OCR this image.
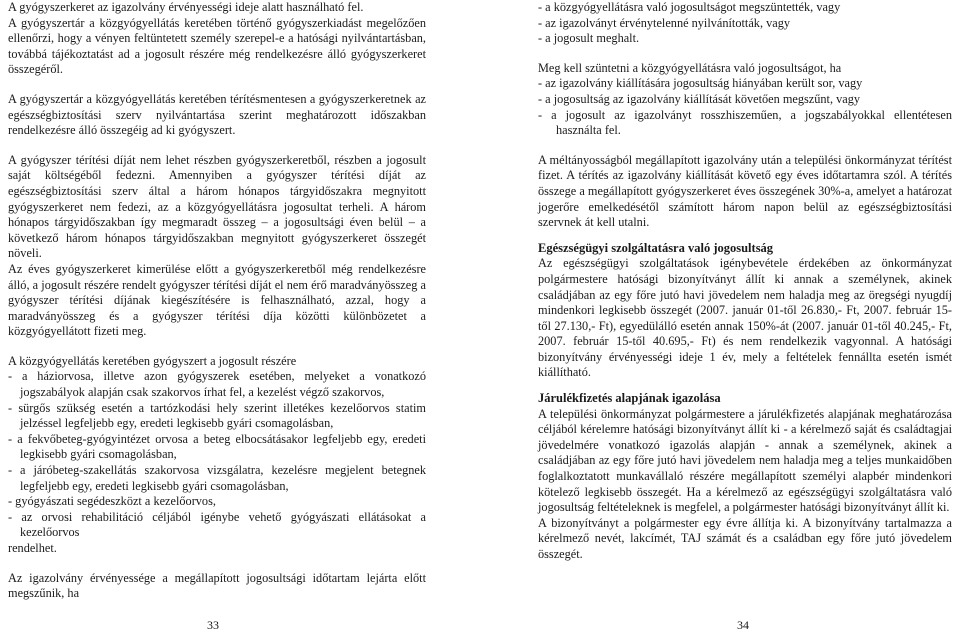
A gyógyszerkeret az igazolvány érvényességi ideje alatt használható fel.

A gyógyszertár a közgyógyellátás keretében történő gyógyszerkiadást megelőzően ellenőrzi, hogy a vényen feltüntetett személy szerepel-e a hatósági nyilvántartásban, továbbá tájékoztatást ad a jogosult részére még rendelkezésre álló gyógyszerkeret összegéről.

A gyógyszertár a közgyógyellátás keretében térítésmentesen a gyógyszerkeretnek az egészségbiztosítási szerv nyilvántartása szerint meghatározott időszakban rendelkezésre álló összegéig ad ki gyógyszert.

A gyógyszer térítési díját nem lehet részben gyógyszerkeretből, részben a jogosult saját költségéből fedezni. Amennyiben a gyógyszer térítési díját az egészségbiztosítási szerv által a három hónapos tárgyidőszakra megnyitott gyógyszerkeret nem fedezi, az a közgyógyellátásra jogosultat terheli. A három hónapos tárgyidőszakban így megmaradt összeg – a jogosultsági éven belül – a következő három hónapos tárgyidőszakban megnyitott gyógyszerkeret összegét növeli.

Az éves gyógyszerkeret kimerülése előtt a gyógyszerkeretből még rendelkezésre álló, a jogosult részére rendelt gyógyszer térítési díját el nem érő maradványösszeg a gyógyszer térítési díjának kiegészítésére is felhasználható, azzal, hogy a maradványösszeg és a gyógyszer térítési díja közötti különbözetet a közgyógyellátott fizeti meg.

A közgyógyellátás keretében gyógyszert a jogosult részére

- a háziorvosa, illetve azon gyógyszerek esetében, melyeket a vonatkozó jogszabályok alapján csak szakorvos írhat fel, a kezelést végző szakorvos,
- sürgős szükség esetén a tartózkodási hely szerint illetékes kezelőorvos statim jelzéssel legfeljebb egy, eredeti legkisebb gyári csomagolásban,
- a fekvőbeteg-gyógyintézet orvosa a beteg elbocsátásakor legfeljebb egy, eredeti legkisebb gyári csomagolásban,
- a járóbeteg-szakellátás szakorvosa vizsgálatra, kezelésre megjelent betegnek legfeljebb egy, eredeti legkisebb gyári csomagolásban,
- gyógyászati segédeszközt a kezelőorvos,
- az orvosi rehabilitáció céljából igénybe vehető gyógyászati ellátásokat a kezelőorvos

rendelhet.

Az igazolvány érvényessége a megállapított jogosultsági időtartam lejárta előtt megszűnik, ha

33
- a közgyógyellátásra való jogosultságot megszüntették, vagy
- az igazolványt érvénytelenné nyilvánították, vagy
- a jogosult meghalt.

Meg kell szüntetni a közgyógyellátásra való jogosultságot, ha

- az igazolvány kiállítására jogosultság hiányában került sor, vagy
- a jogosultság az igazolvány kiállítását követően megszűnt, vagy
- a jogosult az igazolványt rosszhiszeműen, a jogszabályokkal ellentétesen használta fel.

A méltányosságból megállapított igazolvány után a települési önkormányzat térítést fizet. A térítés az igazolvány kiállítását követő egy éves időtartamra szól. A térítés összege a megállapított gyógyszerkeret éves összegének 30%-a, amelyet a határozat jogerőre emelkedésétől számított három napon belül az egészségbiztosítási szervnek át kell utalni.

Egészségügyi szolgáltatásra való jogosultság

Az egészségügyi szolgáltatások igénybevétele érdekében az önkormányzat polgármestere hatósági bizonyítványt állít ki annak a személynek, akinek családjában az egy főre jutó havi jövedelem nem haladja meg az öregségi nyugdíj mindenkori legkisebb összegét (2007. január 01-től 26.830,- Ft, 2007. február 15-től 27.130,- Ft), egyedülálló esetén annak 150%-át (2007. január 01-től 40.245,- Ft, 2007. február 15-től 40.695,- Ft) és nem rendelkezik vagyonnal. A hatósági bizonyítvány érvényességi ideje 1 év, mely a feltételek fennállta esetén ismét kiállítható.

Járulékfizetés alapjának igazolása

A települési önkormányzat polgármestere a járulékfizetés alapjának meghatározása céljából kérelemre hatósági bizonyítványt állít ki - a kérelmező saját és családtagjai jövedelmére vonatkozó igazolás alapján - annak a személynek, akinek a családjában az egy főre jutó havi jövedelem nem haladja meg a teljes munkaidőben foglalkoztatott munkavállaló részére megállapított személyi alapbér mindenkori kötelező legkisebb összegét. Ha a kérelmező az egészségügyi szolgáltatásra való jogosultság feltételeknek is megfelel, a polgármester hatósági bizonyítványt állít ki.

A bizonyítványt a polgármester egy évre állítja ki. A bizonyítvány tartalmazza a kérelmező nevét, lakcímét, TAJ számát és a családban egy főre jutó jövedelem összegét.

34
